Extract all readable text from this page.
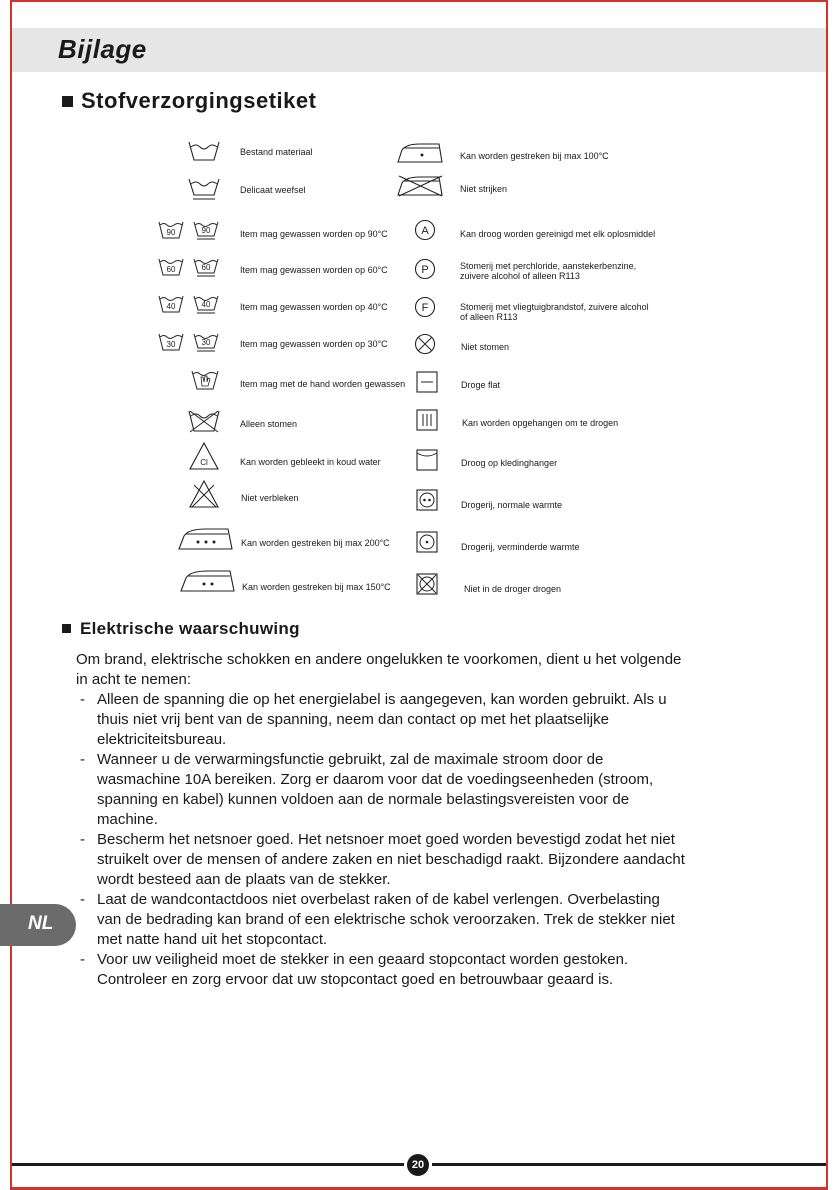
Bijlage
Stofverzorgingsetiket
Bestand materiaal
Delicaat weefsel
90	90	Item mag gewassen worden op 90°C
60	60	Item mag gewassen worden op 60°C
40	40	Item mag gewassen worden op 40°C
30	30	Item mag gewassen worden op 30°C
Item mag met de hand worden gewassen
Alleen stomen
Cl	Kan worden gebleekt in koud water
Niet verbleken
Kan worden gestreken bij max 200°C
Kan worden gestreken bij max 150°C
Kan worden gestreken bij max 100°C
Niet strijken
A	Kan droog worden gereinigd met elk oplosmiddel
P	Stomerij met perchloride, aanstekerbenzine,
zuivere alcohol of alleen R113
F	Stomerij met vliegtuigbrandstof, zuivere alcohol
of alleen R113
Niet stomen
Droge flat
Kan worden opgehangen om te drogen
Droog op kledinghanger
Drogerij, normale warmte
Drogerij, verminderde warmte
Niet in de droger drogen
Elektrische waarschuwing

Om brand, elektrische schokken en andere ongelukken te voorkomen, dient u het volgende in acht te nemen:

- Alleen de spanning die op het energielabel is aangegeven, kan worden gebruikt. Als u thuis niet vrij bent van de spanning, neem dan contact op met het plaatselijke elektriciteitsbureau.
- Wanneer u de verwarmingsfunctie gebruikt, zal de maximale stroom door de wasmachine 10A bereiken. Zorg er daarom voor dat de voedingseenheden (stroom, spanning en kabel) kunnen voldoen aan de normale belastingsvereisten voor de machine.
- Bescherm het netsnoer goed. Het netsnoer moet goed worden bevestigd zodat het niet struikelt over de mensen of andere zaken en niet beschadigd raakt. Bijzondere aandacht wordt besteed aan de plaats van de stekker.
- Laat de wandcontactdoos niet overbelast raken of de kabel verlengen. Overbelasting van de bedrading kan brand of een elektrische schok veroorzaken. Trek de stekker niet met natte hand uit het stopcontact.
- Voor uw veiligheid moet de stekker in een geaard stopcontact worden gestoken. Controleer en zorg ervoor dat uw stopcontact goed en betrouwbaar geaard is.
NL
20
